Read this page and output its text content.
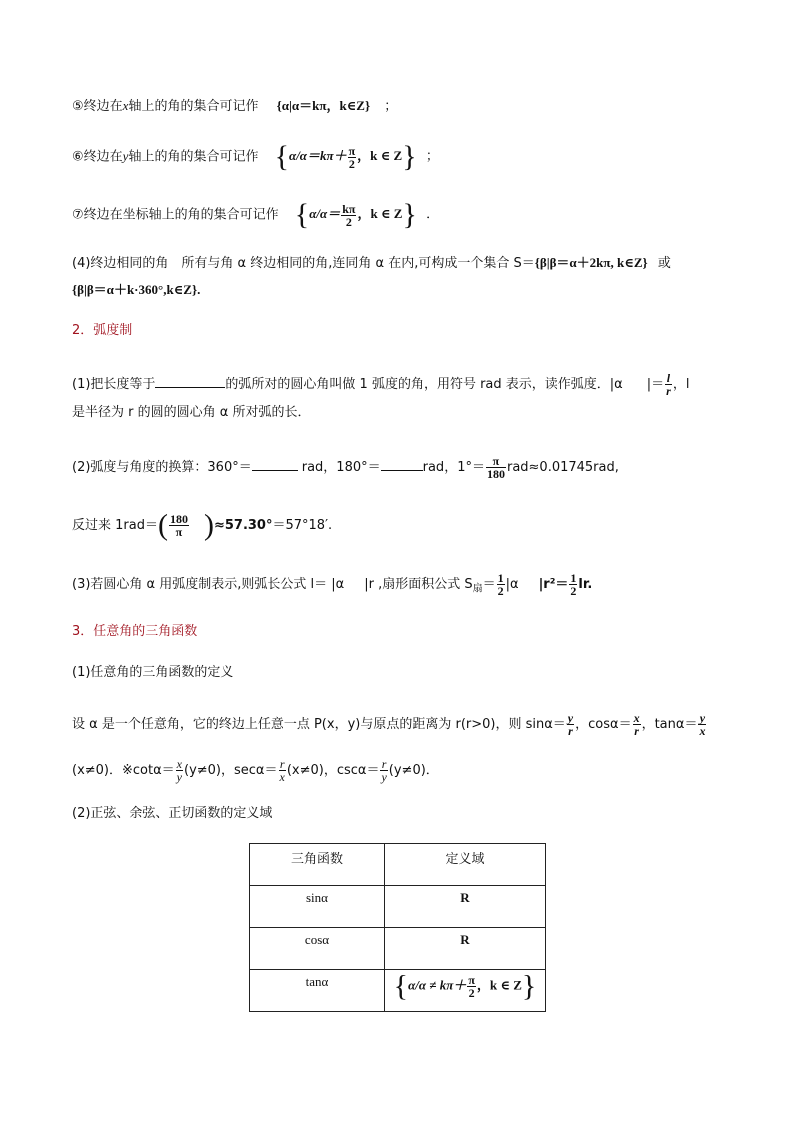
⑤终边在x轴上的角的集合可记作 {α|α＝kπ，k∈Z} ；
⑥终边在y轴上的角的集合可记作 {$\alpha/\alpha=k\pi+ \frac{\pi}{2}$ ，k ∈ Z} ；
⑦终边在坐标轴上的角的集合可记作 {$\alpha/\alpha= \frac{k\pi}{2}$ ，k ∈ Z} ．
(4)终边相同的角　所有与角 α 终边相同的角,连同角 α 在内,可构成一个集合 S＝{β|β＝α＋2kπ, k∈Z} 或
{β|β＝α＋k·360°,k∈Z}.
2．弧度制
(1)把长度等于	的弧所对的圆心角叫做 1 弧度的角，用符号 rad 表示，读作弧度．|α |＝ $\frac{l}{r}$ ，l
是半径为 r 的圆的圆心角 α 所对弧的长．
(2)弧度与角度的换算：360°＝	rad，180°＝	rad，$1^\circ= \frac{\pi}{180} rad\approx 0.01745rad$,
反过来 $1rad=( \frac{180}{\pi} )\approx 57.30^\circ=57^\circ 18'$.
(3)若圆心角 α 用弧度制表示,则弧长公式 l＝ |α |r ,扇形面积公式 $S_扇= \frac{1}{2} |\alpha$ $|r^2= \frac{1}{2}$ lr.
3．任意角的三角函数
(1)任意角的三角函数的定义
设 α 是一个任意角，它的终边上任意一点 P(x，y)与原点的距离为 r(r>0)，则 $\sin\alpha= \frac{y}{r}$ ，$\cos\alpha= \frac{x}{r}$ ，$\tan\alpha= \frac{y}{x}$
(x≠0)．※cotα＝ $\frac{x}{y} (y\ne 0)$，$\sec\alpha= \frac{r}{x} (x\ne 0)$，$\csc\alpha= \frac{r}{y} (y\ne 0)$．
(2)正弦、余弦、正切函数的定义域
三角函数	定义域
sinα	R
cosα	R
tanα	{$\alpha/\alpha \ne k\pi+ \frac{\pi}{2}$ ，k ∈ Z}
